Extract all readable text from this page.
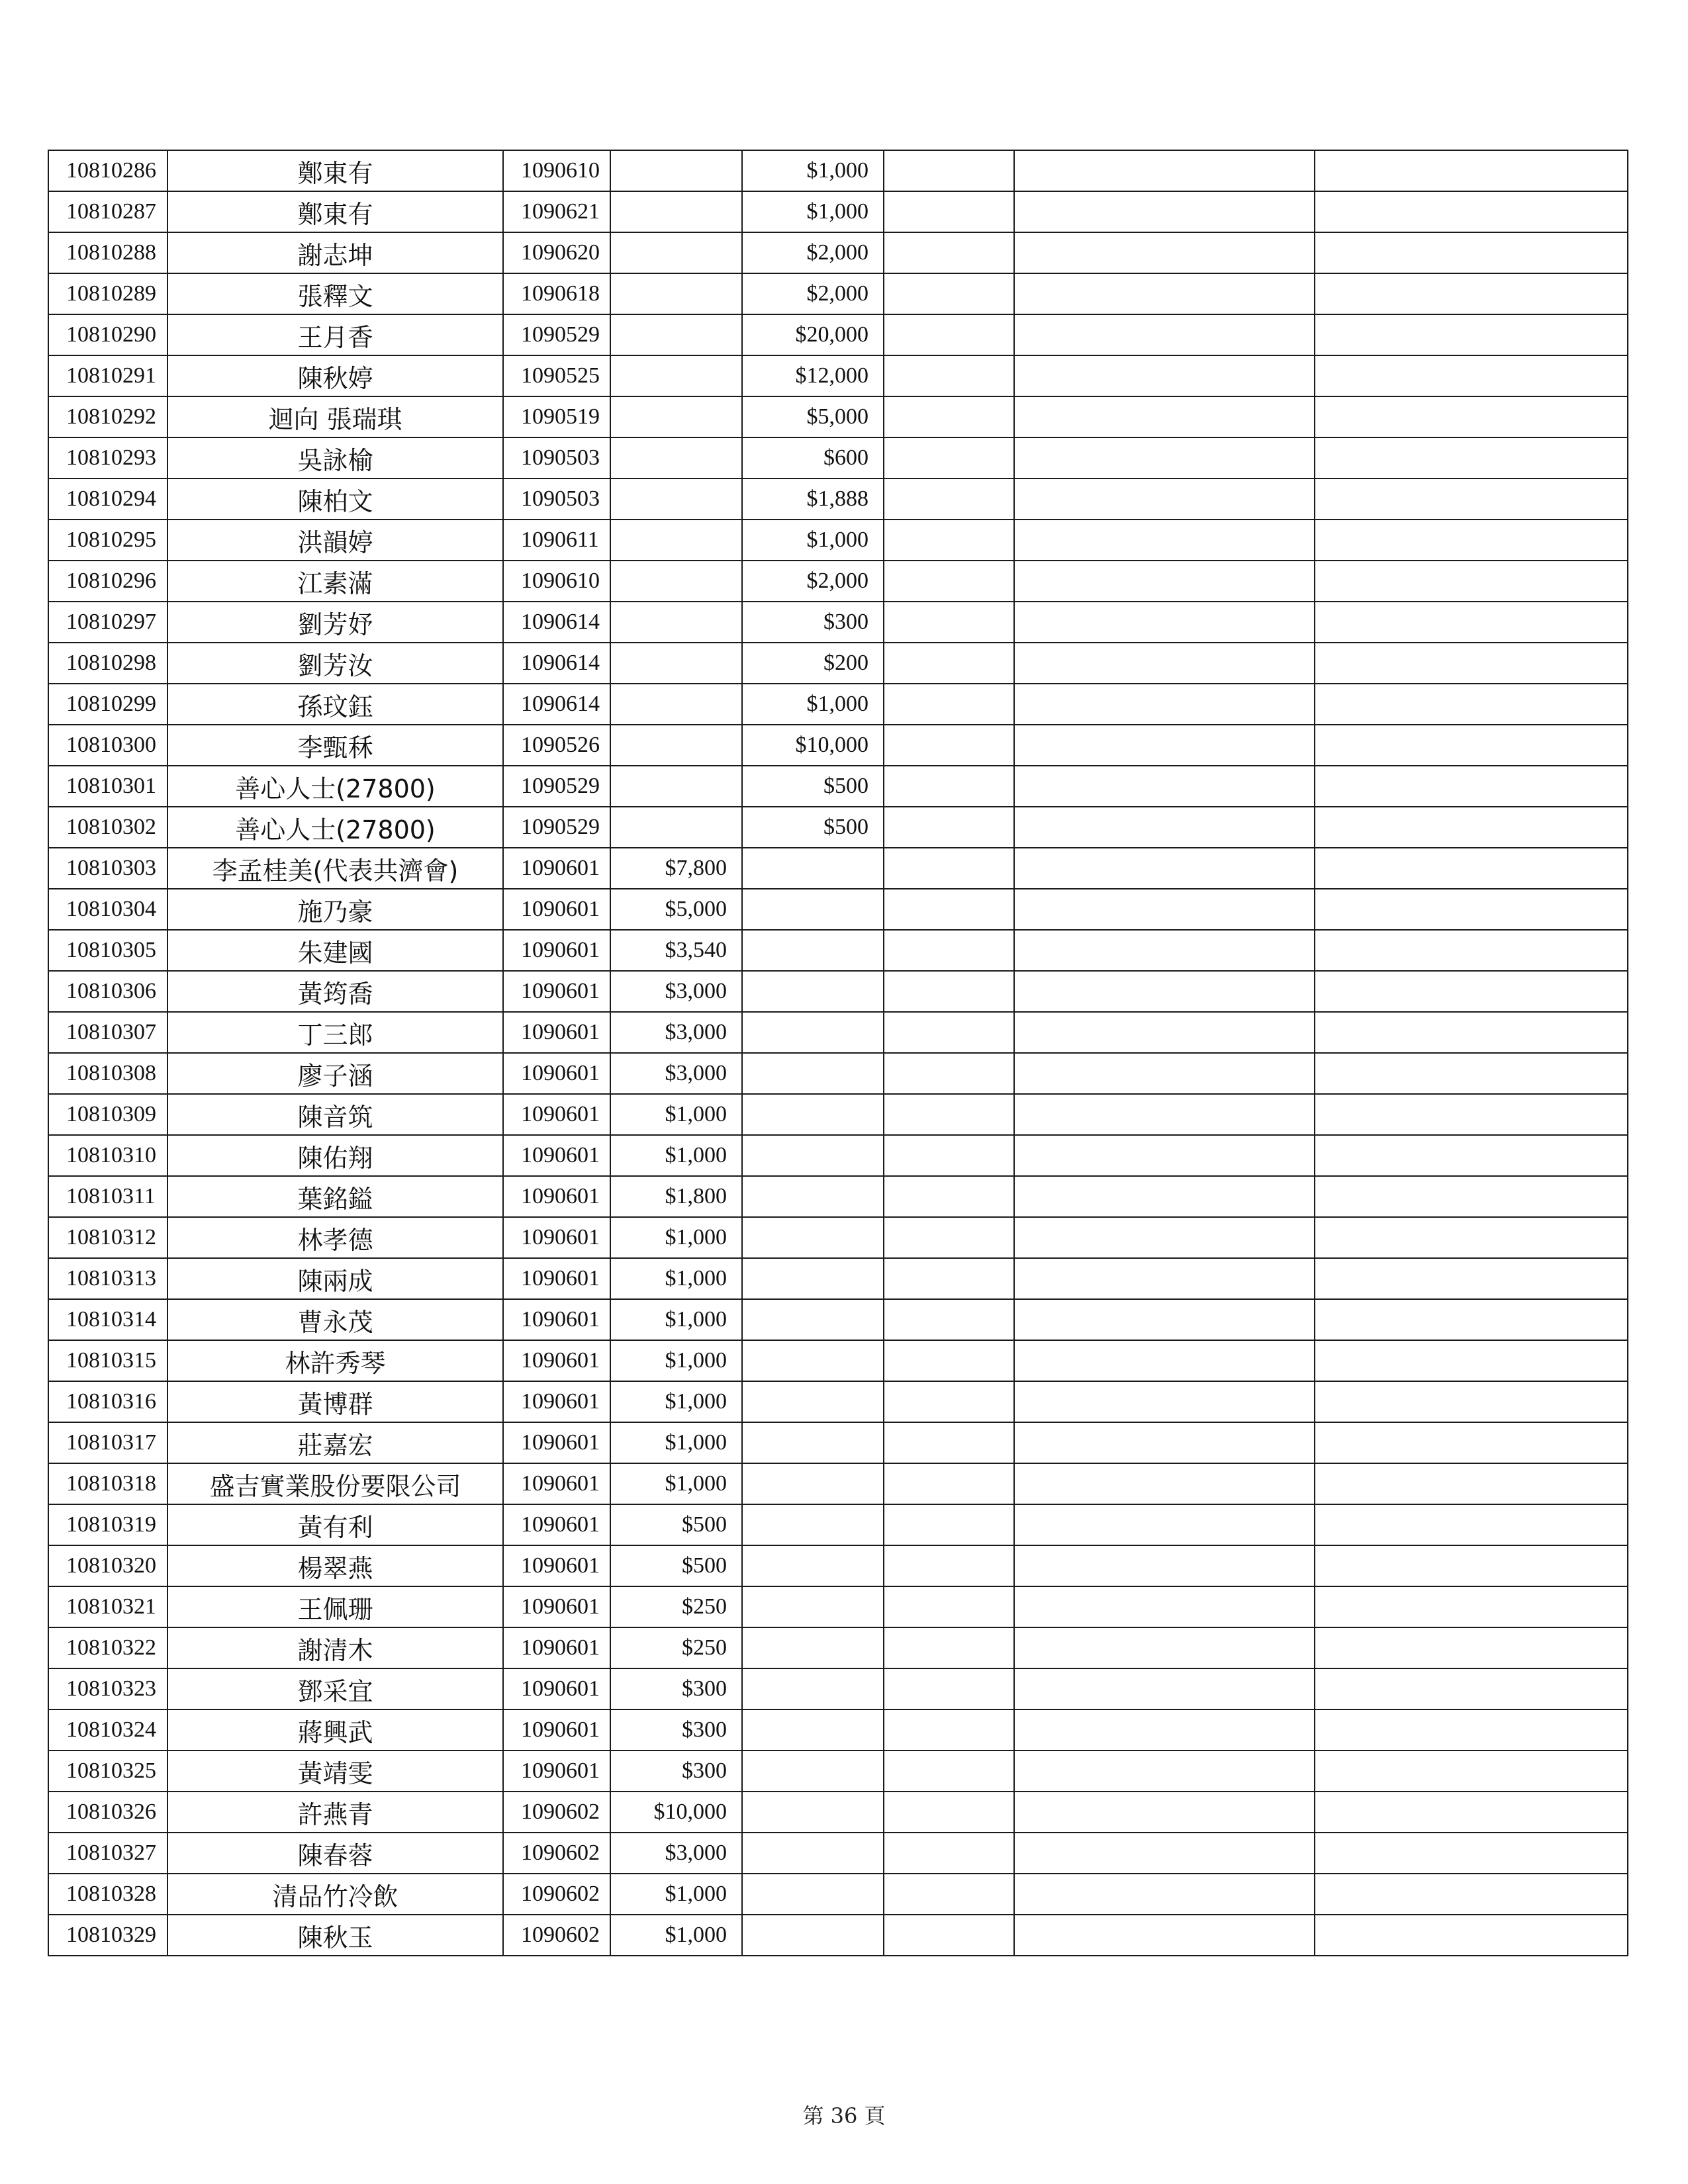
10810286	鄭東有	1090610		$1,000			
10810287	鄭東有	1090621		$1,000			
10810288	謝志坤	1090620		$2,000			
10810289	張釋文	1090618		$2,000			
10810290	王月香	1090529		$20,000			
10810291	陳秋婷	1090525		$12,000			
10810292	迴向 張瑞琪	1090519		$5,000			
10810293	吳詠榆	1090503		$600			
10810294	陳柏文	1090503		$1,888			
10810295	洪韻婷	1090611		$1,000			
10810296	江素滿	1090610		$2,000			
10810297	劉芳妤	1090614		$300			
10810298	劉芳汝	1090614		$200			
10810299	孫玟鈺	1090614		$1,000			
10810300	李甄秝	1090526		$10,000			
10810301	善心人士(27800)	1090529		$500			
10810302	善心人士(27800)	1090529		$500			
10810303	李孟桂美(代表共濟會)	1090601	$7,800				
10810304	施乃豪	1090601	$5,000				
10810305	朱建國	1090601	$3,540				
10810306	黃筠喬	1090601	$3,000				
10810307	丁三郎	1090601	$3,000				
10810308	廖子涵	1090601	$3,000				
10810309	陳音筑	1090601	$1,000				
10810310	陳佑翔	1090601	$1,000				
10810311	葉銘鎰	1090601	$1,800				
10810312	林孝德	1090601	$1,000				
10810313	陳兩成	1090601	$1,000				
10810314	曹永茂	1090601	$1,000				
10810315	林許秀琴	1090601	$1,000				
10810316	黃博群	1090601	$1,000				
10810317	莊嘉宏	1090601	$1,000				
10810318	盛吉實業股份要限公司	1090601	$1,000				
10810319	黃有利	1090601	$500				
10810320	楊翠燕	1090601	$500				
10810321	王佩珊	1090601	$250				
10810322	謝清木	1090601	$250				
10810323	鄧采宜	1090601	$300				
10810324	蔣興武	1090601	$300				
10810325	黃靖雯	1090601	$300				
10810326	許燕青	1090602	$10,000				
10810327	陳春蓉	1090602	$3,000				
10810328	清品竹冷飲	1090602	$1,000				
10810329	陳秋玉	1090602	$1,000				
第 36 頁
